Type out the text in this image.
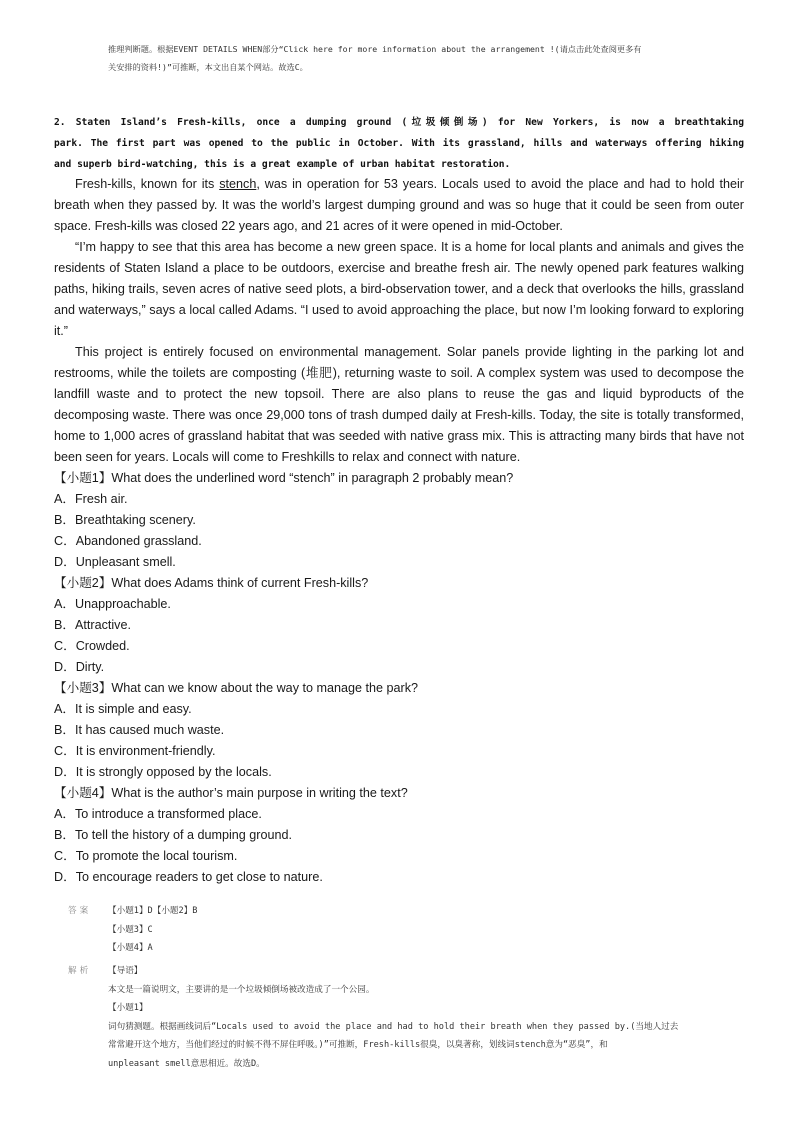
推理判断题。根据EVENT DETAILS WHEN部分“Click here for more information about the arrangement !(请点击此处查阅更多有
关安排的资料!)”可推断，本文出自某个网站。故选C。
2. Staten Island’s Fresh-kills, once a dumping ground (垃圾倾倒场) for New Yorkers, is now a breathtaking
park. The first part was opened to the public in October. With its grassland, hills and waterways offering hiking
and superb bird-watching, this is a great example of urban habitat restoration.

Fresh-kills, known for its stench, was in operation for 53 years. Locals used to avoid the place and had to hold their breath when they passed by. It was the world’s largest dumping ground and was so huge that it could be seen from outer space. Fresh-kills was closed 22 years ago, and 21 acres of it were opened in mid-October.

“I’m happy to see that this area has become a new green space. It is a home for local plants and animals and gives the residents of Staten Island a place to be outdoors, exercise and breathe fresh air. The newly opened park features walking paths, hiking trails, seven acres of native seed plots, a bird-observation tower, and a deck that overlooks the hills, grassland and waterways,” says a local called Adams. “I used to avoid approaching the place, but now I’m looking forward to exploring it.”

This project is entirely focused on environmental management. Solar panels provide lighting in the parking lot and restrooms, while the toilets are composting (堆肥), returning waste to soil. A complex system was used to decompose the landfill waste and to protect the new topsoil. There are also plans to reuse the gas and liquid byproducts of the decomposing waste. There was once 29,000 tons of trash dumped daily at Fresh-kills. Today, the site is totally transformed, home to 1,000 acres of grassland habitat that was seeded with native grass mix. This is attracting many birds that have not been seen for years. Locals will come to Freshkills to relax and connect with nature.

【小题1】What does the underlined word “stench” in paragraph 2 probably mean?
A．Fresh air.
B．Breathtaking scenery.
C．Abandoned grassland.
D．Unpleasant smell.
【小题2】What does Adams think of current Fresh-kills?
A．Unapproachable.
B．Attractive.
C．Crowded.
D．Dirty.
【小题3】What can we know about the way to manage the park?
A．It is simple and easy.
B．It has caused much waste.
C．It is environment-friendly.
D．It is strongly opposed by the locals.
【小题4】What is the author’s main purpose in writing the text?
A．To introduce a transformed place.
B．To tell the history of a dumping ground.
C．To promote the local tourism.
D．To encourage readers to get close to nature.
答案 【小题1】D【小题2】B
【小题3】C
【小题4】A
解析 【导语】
本文是一篇说明文，主要讲的是一个垃圾倾倒场被改造成了一个公园。
【小题1】
词句猜测题。根据画线词后“Locals used to avoid the place and had to hold their breath when they passed by.(当地人过去
常常避开这个地方，当他们经过的时候不得不屏住呼吸。)”可推断，Fresh-kills很臭，以臭著称，划线词stench意为“恶臭”，和
unpleasant smell意思相近。故选D。
